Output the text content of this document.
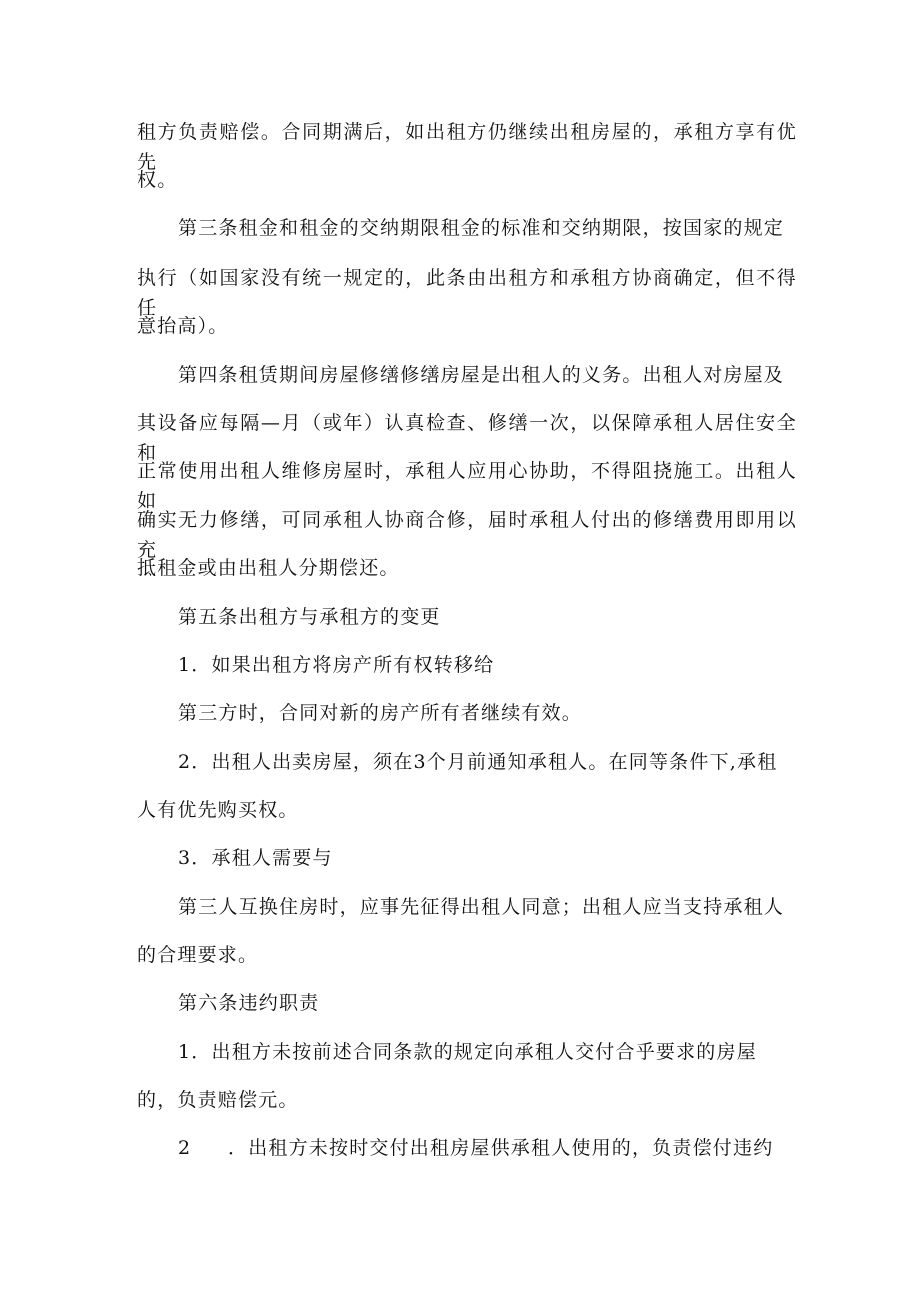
租方负责赔偿。合同期满后，如出租方仍继续出租房屋的，承租方享有优先
权。
第三条租金和租金的交纳期限租金的标准和交纳期限，按国家的规定
执行（如国家没有统一规定的，此条由出租方和承租方协商确定，但不得任
意抬高）。
第四条租赁期间房屋修缮修缮房屋是出租人的义务。出租人对房屋及
其设备应每隔—月（或年）认真检查、修缮一次，以保障承租人居住安全和
正常使用出租人维修房屋时，承租人应用心协助，不得阻挠施工。出租人如
确实无力修缮，可同承租人协商合修，届时承租人付出的修缮费用即用以充
抵租金或由出租人分期偿还。
第五条出租方与承租方的变更
1．如果出租方将房产所有权转移给
第三方时，合同对新的房产所有者继续有效。
2．出租人出卖房屋，须在3个月前通知承租人。在同等条件下,承租
人有优先购买权。
3．承租人需要与
第三人互换住房时，应事先征得出租人同意；出租人应当支持承租人
的合理要求。
第六条违约职责
1．出租方未按前述合同条款的规定向承租人交付合乎要求的房屋
的，负责赔偿元。
2 ．出租方未按时交付出租房屋供承租人使用的，负责偿付违约
